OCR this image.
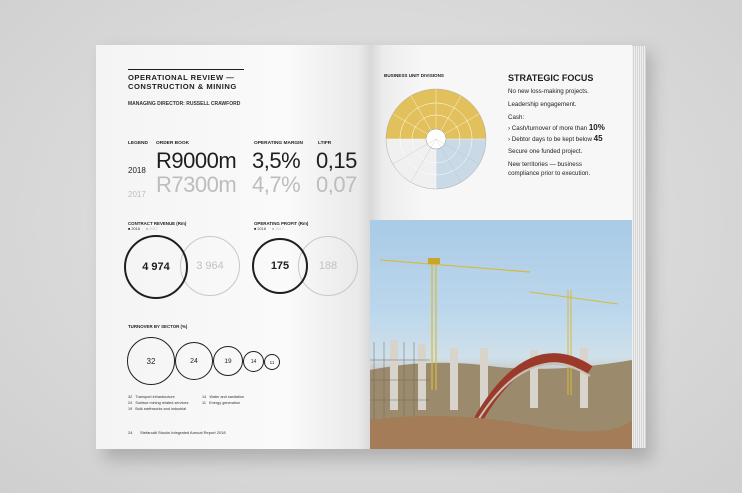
OPERATIONAL REVIEW —
CONSTRUCTION & MINING
MANAGING DIRECTOR: RUSSELL CRAWFORD
LEGEND ORDER BOOK	OPERATING MARGIN	LTIFR
2018 R9000m 3,5% 0,15
2017 R7300m 4,7% 0,07
CONTRACT REVENUE (Rm)
■ 2018 ■ 2017
3 964
4 974
OPERATING PROFIT (Rm)
■ 2018 ■ 2017
188
175
TURNOVER BY SECTOR (%)
32	24	19	14	11
32 Transport infrastructure
24 Surface mining related services
19 Bulk earthworks and industrial
14 Water and sanitation
11 Energy generation
24 Stefanutti Stocks Integrated Annual Report 2018
BUSINESS UNIT DIVISIONS	STRATEGIC FOCUS
No new loss-making projects.
Leadership engagement.
Cash:
› Cash/turnover of more than 10%
› Debtor days to be kept below 45
Secure one funded project.
New territories — business
compliance prior to execution.
